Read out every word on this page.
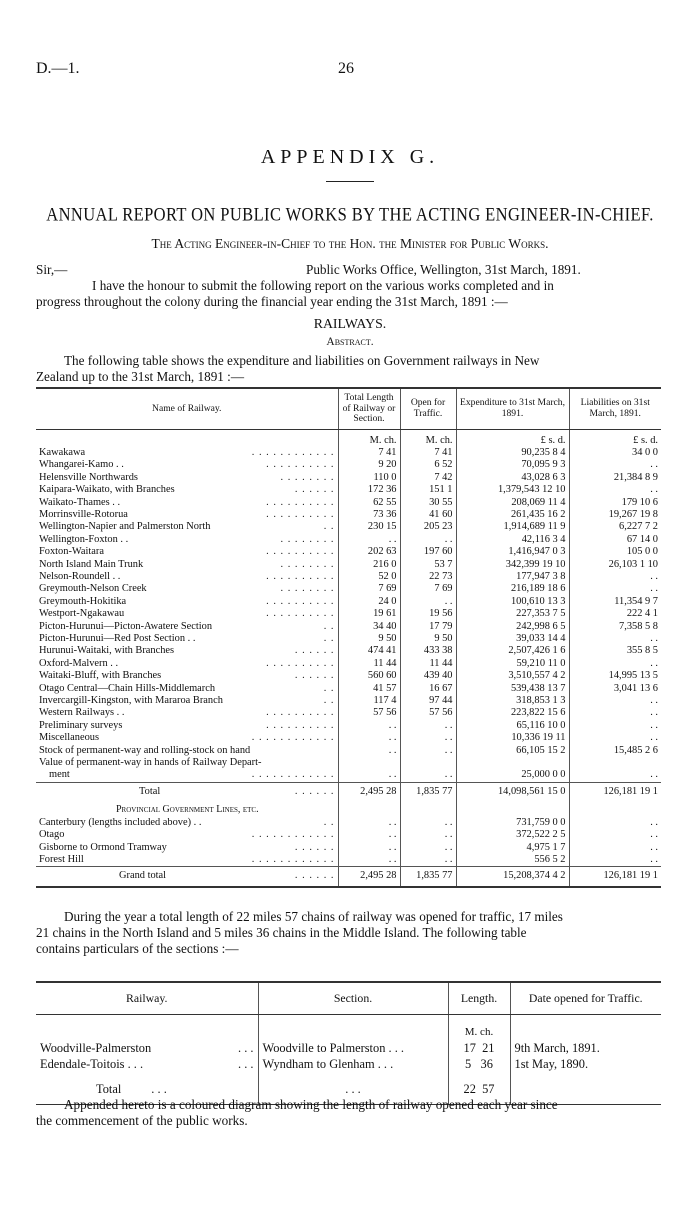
D.—1.	26
APPENDIX G.
ANNUAL REPORT ON PUBLIC WORKS BY THE ACTING ENGINEER-IN-CHIEF.
The Acting Engineer-in-Chief to the Hon. the Minister for Public Works.
Sir,—	Public Works Office, Wellington, 31st March, 1891.
I have the honour to submit the following report on the various works completed and in
progress throughout the colony during the financial year ending the 31st March, 1891 :—
RAILWAYS.
Abstract.
The following table shows the expenditure and liabilities on Government railways in New
Zealand up to the 31st March, 1891 :—
Name of Railway.	Total Length of Railway or Section.	Open for Traffic.	Expenditure to 31st March, 1891.	Liabilities on 31st March, 1891.
	M. ch.	M. ch.	£ s. d.	£ s. d.
Kawakawa . . . . . . . . . . . .	7 41	7 41	90,235 8 4	34 0 0
Whangarei-Kamo . . . . . . . . . . . .	9 20	6 52	70,095 9 3	. .
Helensville Northwards . . . . . . . .	110 0	7 42	43,028 6 3	21,384 8 9
Kaipara-Waikato, with Branches . . . . . .	172 36	151 1	1,379,543 12 10	. .
Waikato-Thames . . . . . . . . . . . .	62 55	30 55	208,069 11 4	179 10 6
Morrinsville-Rotorua . . . . . . . . . .	73 36	41 60	261,435 16 2	19,267 19 8
Wellington-Napier and Palmerston North . .	230 15	205 23	1,914,689 11 9	6,227 7 2
Wellington-Foxton . . . . . . . . . .	. .	. .	42,116 3 4	67 14 0
Foxton-Waitara . . . . . . . . . .	202 63	197 60	1,416,947 0 3	105 0 0
North Island Main Trunk . . . . . . . .	216 0	53 7	342,399 19 10	26,103 1 10
Nelson-Roundell . . . . . . . . . . . .	52 0	22 73	177,947 3 8	. .
Greymouth-Nelson Creek . . . . . . . .	7 69	7 69	216,189 18 6	. .
Greymouth-Hokitika . . . . . . . . . .	24 0	. .	100,610 13 3	11,354 9 7
Westport-Ngakawau . . . . . . . . . .	19 61	19 56	227,353 7 5	222 4 1
Picton-Hurunui—Picton-Awatere Section . .	34 40	17 79	242,998 6 5	7,358 5 8
Picton-Hurunui—Red Post Section . . . .	9 50	9 50	39,033 14 4	. .
Hurunui-Waitaki, with Branches . . . . . .	474 41	433 38	2,507,426 1 6	355 8 5
Oxford-Malvern . . . . . . . . . . . .	11 44	11 44	59,210 11 0	. .
Waitaki-Bluff, with Branches . . . . . .	560 60	439 40	3,510,557 4 2	14,995 13 5
Otago Central—Chain Hills-Middlemarch . .	41 57	16 67	539,438 13 7	3,041 13 6
Invercargill-Kingston, with Mararoa Branch . .	117 4	97 44	318,853 1 3	. .
Western Railways . . . . . . . . . . . .	57 56	57 56	223,822 15 6	. .
Preliminary surveys . . . . . . . . . .	. .	. .	65,116 10 0	. .
Miscellaneous . . . . . . . . . . . .	. .	. .	10,336 19 11	. .
Stock of permanent-way and rolling-stock on hand	. .	. .	66,105 15 2	15,485 2 6
Value of permanent-way in hands of Railway Depart-

ment . . . . . . . . . . . .	. .	. .	25,000 0 0	. .
Total . . . . . .	2,495 28	1,835 77	14,098,561 15 0	126,181 19 1
Provincial Government Lines, etc.				
Canterbury (lengths included above) . . . .	. .	. .	731,759 0 0	. .
Otago . . . . . . . . . . . .	. .	. .	372,522 2 5	. .
Gisborne to Ormond Tramway . . . . . .	. .	. .	4,975 1 7	. .
Forest Hill . . . . . . . . . . . .	. .	. .	556 5 2	. .
Grand total . . . . . .	2,495 28	1,835 77	15,208,374 4 2	126,181 19 1
During the year a total length of 22 miles 57 chains of railway was opened for traffic, 17 miles
21 chains in the North Island and 5 miles 36 chains in the Middle Island. The following table
contains particulars of the sections :—
Railway.	Section.	Length.	Date opened for Traffic.
		M. ch.	
Woodville-Palmerston . . .	Woodville to Palmerston . . .	17 21	9th March, 1891.
Edendale-Toitois . . . . . .	Wyndham to Glenham . . .	5 36	1st May, 1890.
Total . . .	. . .	22 57	
Appended hereto is a coloured diagram showing the length of railway opened each year since
the commencement of the public works.
